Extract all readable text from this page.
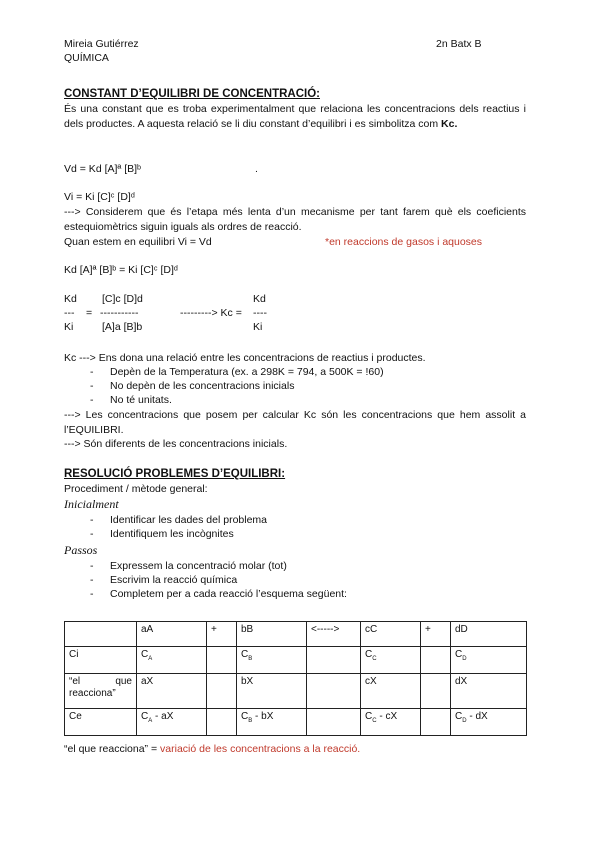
Mireia Gutiérrez	2n Batx B
QUÍMICA
CONSTANT D’EQUILIBRI DE CONCENTRACIÓ:
És una constant que es troba experimentalment que relaciona les concentracions dels reactius i dels productes. A aquesta relació se li diu constant d’equilibri i es simbolitza com Kc.
Vd = Kd [A]ª [B]ᵇ	.
Vi = Ki [C]ᶜ [D]ᵈ
---> Considerem que és l’etapa més lenta d’un mecanisme per tant farem què els coeficients estequiomètrics siguin iguals als ordres de reacció.
Quan estem en equilibri Vi = Vd	*en reaccions de gasos i aquoses
Kd [A]ª [B]ᵇ = Ki [C]ᶜ [D]ᵈ
Kd [C]c [D]d	Kd
--- = -----------	---------> Kc = ----
Ki	[A]a [B]b	Ki
Kc ---> Ens dona una relació entre les concentracions de reactius i productes.
- Depèn de la Temperatura (ex. a 298K = 794, a 500K = !60)
- No depèn de les concentracions inicials
- No té unitats.
---> Les concentracions que posem per calcular Kc són les concentracions que hem assolit a l’EQUILIBRI.
---> Són diferents de les concentracions inicials.
RESOLUCIÓ PROBLEMES D’EQUILIBRI:
Procediment / mètode general:
Inicialment
- Identificar les dades del problema
- Identifiquem les incògnites
Passos
- Expressem la concentració molar (tot)
- Escrivim la reacció química
- Completem per a cada reacció l’esquema següent:
	aA	+	bB	<----->	cC	+	dD
Ci	$C_A$		$C_B$		$C_C$		$C_D$
“el que reacciona”	aX		bX		cX		dX
Ce	$C_A$ - aX		$C_B$ - bX		$C_C$ - cX		$C_D$ - dX
“el que reacciona” = variació de les concentracions a la reacció.
